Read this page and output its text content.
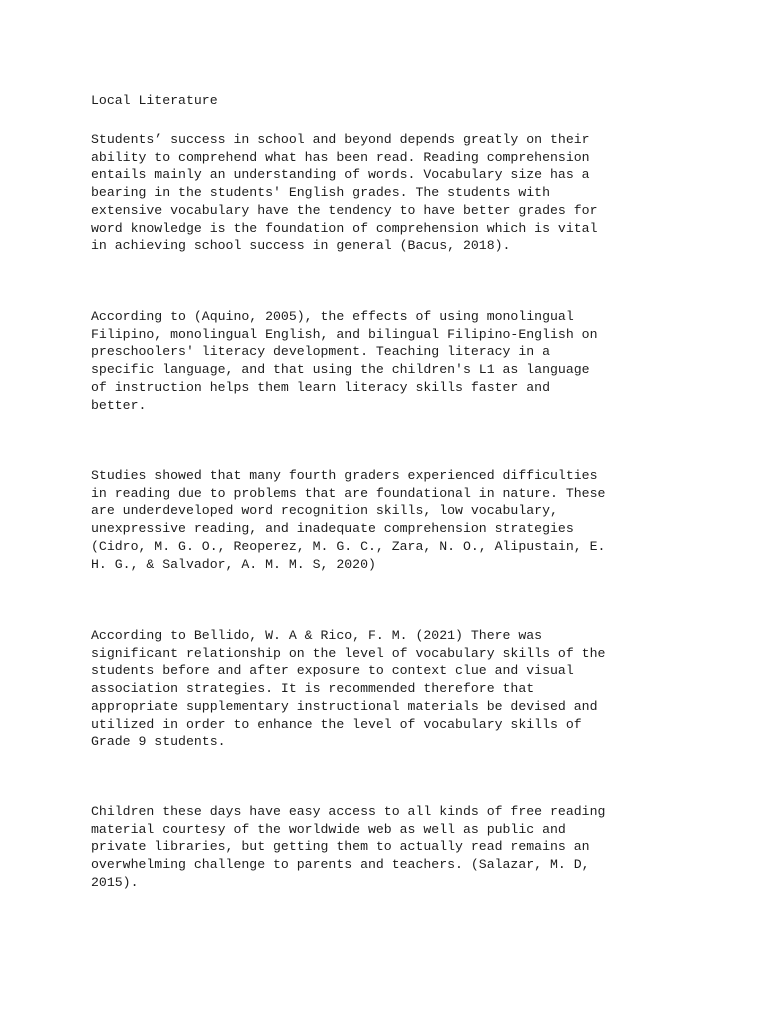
Local Literature

Students’ success in school and beyond depends greatly on their
ability to comprehend what has been read. Reading comprehension
entails mainly an understanding of words. Vocabulary size has a
bearing in the students' English grades. The students with
extensive vocabulary have the tendency to have better grades for
word knowledge is the foundation of comprehension which is vital
in achieving school success in general (Bacus, 2018).

According to (Aquino, 2005), the effects of using monolingual
Filipino, monolingual English, and bilingual Filipino-English on
preschoolers' literacy development. Teaching literacy in a
specific language, and that using the children's L1 as language
of instruction helps them learn literacy skills faster and
better.

Studies showed that many fourth graders experienced difficulties
in reading due to problems that are foundational in nature. These
are underdeveloped word recognition skills, low vocabulary,
unexpressive reading, and inadequate comprehension strategies
(Cidro, M. G. O., Reoperez, M. G. C., Zara, N. O., Alipustain, E.
H. G., & Salvador, A. M. M. S, 2020)

According to Bellido, W. A & Rico, F. M. (2021) There was
significant relationship on the level of vocabulary skills of the
students before and after exposure to context clue and visual
association strategies. It is recommended therefore that
appropriate supplementary instructional materials be devised and
utilized in order to enhance the level of vocabulary skills of
Grade 9 students.

Children these days have easy access to all kinds of free reading
material courtesy of the worldwide web as well as public and
private libraries, but getting them to actually read remains an
overwhelming challenge to parents and teachers. (Salazar, M. D,
2015).
